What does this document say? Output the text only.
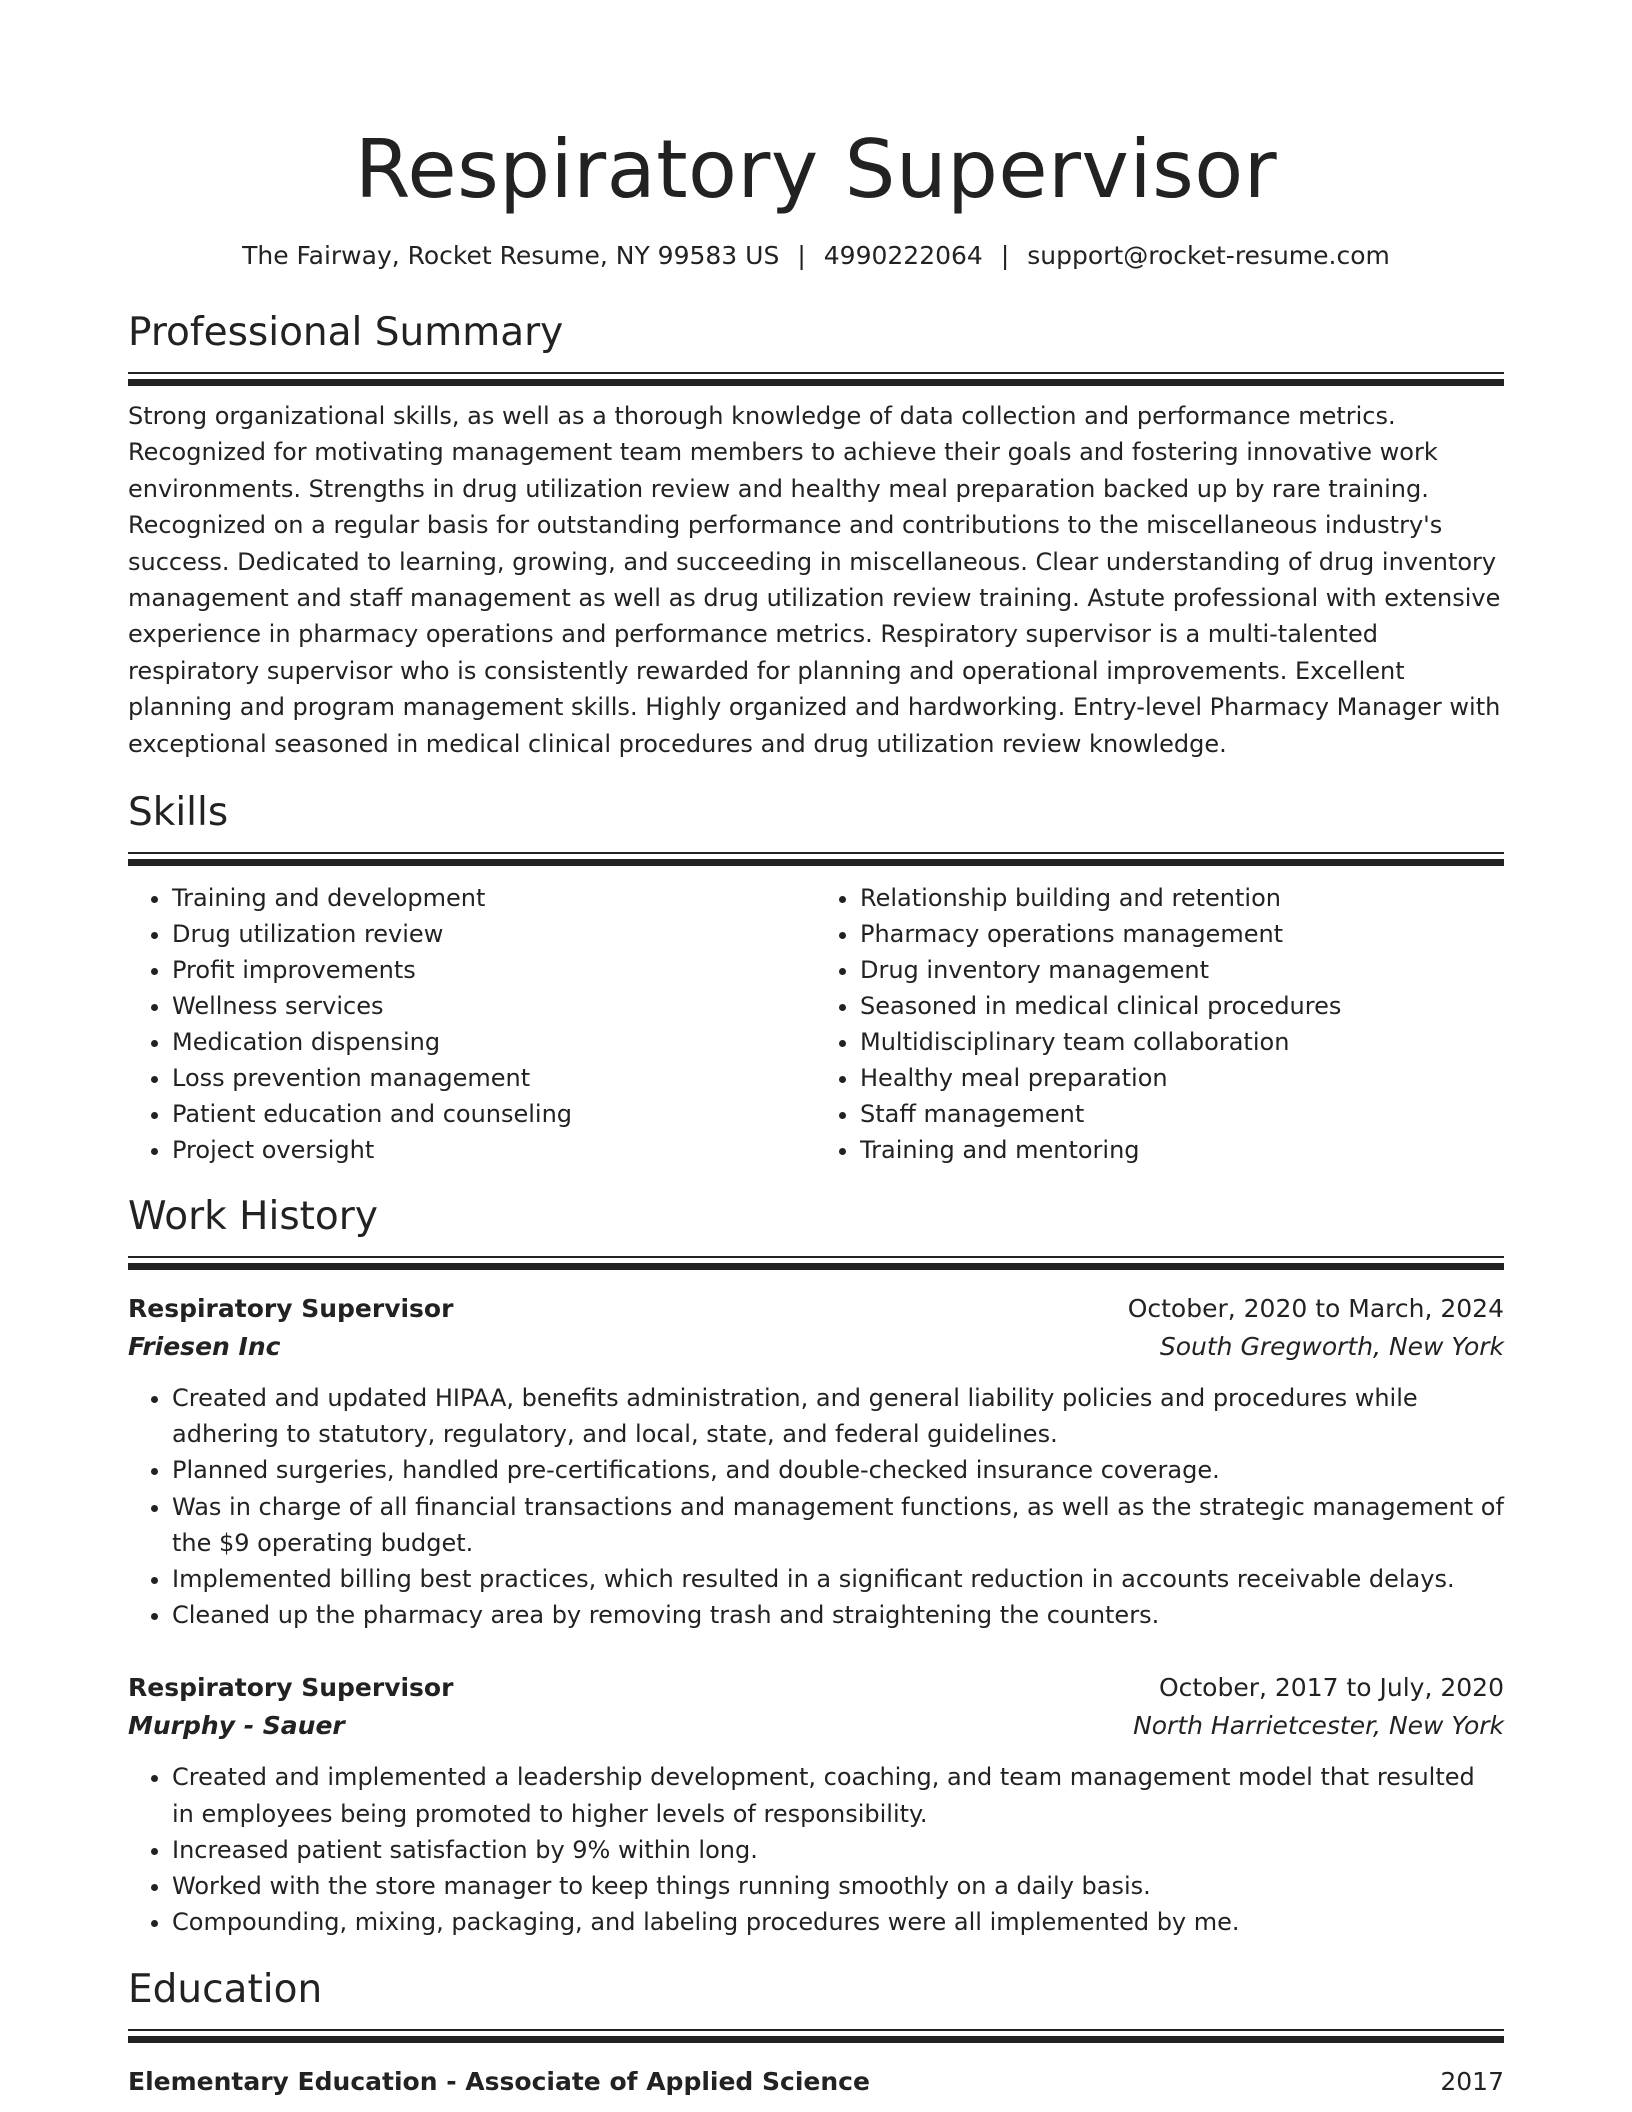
Respiratory Supervisor
The Fairway, Rocket Resume, NY 99583 US | 4990222064 | support@rocket-resume.com
Professional Summary

Strong organizational skills, as well as a thorough knowledge of data collection and performance metrics. Recognized for motivating management team members to achieve their goals and fostering innovative work environments. Strengths in drug utilization review and healthy meal preparation backed up by rare training. Recognized on a regular basis for outstanding performance and contributions to the miscellaneous industry's success. Dedicated to learning, growing, and succeeding in miscellaneous. Clear understanding of drug inventory management and staff management as well as drug utilization review training. Astute professional with extensive experience in pharmacy operations and performance metrics. Respiratory supervisor is a multi-talented respiratory supervisor who is consistently rewarded for planning and operational improvements. Excellent planning and program management skills. Highly organized and hardworking. Entry-level Pharmacy Manager with exceptional seasoned in medical clinical procedures and drug utilization review knowledge.

Skills
• Training and development
• Drug utilization review
• Profit improvements
• Wellness services
• Medication dispensing
• Loss prevention management
• Patient education and counseling
• Project oversight
• Relationship building and retention
• Pharmacy operations management
• Drug inventory management
• Seasoned in medical clinical procedures
• Multidisciplinary team collaboration
• Healthy meal preparation
• Staff management
• Training and mentoring
Work History
Respiratory Supervisor	October, 2020 to March, 2024
Friesen Inc	South Gregworth, New York
• Created and updated HIPAA, benefits administration, and general liability policies and procedures while adhering to statutory, regulatory, and local, state, and federal guidelines.
• Planned surgeries, handled pre-certifications, and double-checked insurance coverage.
• Was in charge of all financial transactions and management functions, as well as the strategic management of the $9 operating budget.
• Implemented billing best practices, which resulted in a significant reduction in accounts receivable delays.
• Cleaned up the pharmacy area by removing trash and straightening the counters.
Respiratory Supervisor	October, 2017 to July, 2020
Murphy - Sauer	North Harrietcester, New York
• Created and implemented a leadership development, coaching, and team management model that resulted in employees being promoted to higher levels of responsibility.
• Increased patient satisfaction by 9% within long.
• Worked with the store manager to keep things running smoothly on a daily basis.
• Compounding, mixing, packaging, and labeling procedures were all implemented by me.
Education
Elementary Education - Associate of Applied Science	2017
